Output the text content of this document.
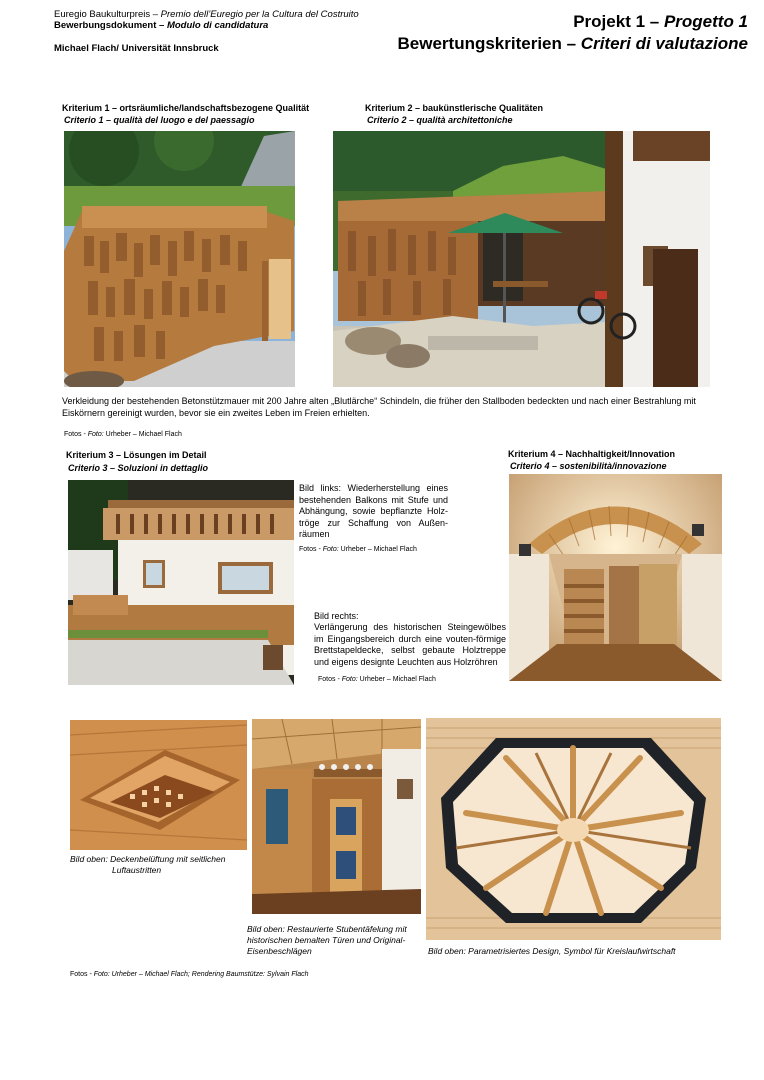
Euregio Baukulturpreis – Premio dell’Euregio per la Cultura del Costruito
Bewerbungsdokument – Modulo di candidatura
Michael Flach/ Universität Innsbruck
Projekt 1 – Progetto 1
Bewertungskriterien – Criteri di valutazione
Kriterium 1 – ortsräumliche/landschaftsbezogene Qualität
Criterio 1 – qualità del luogo e del paessagio
Kriterium 2 – baukünstlerische Qualitäten
Criterio 2 – qualità architettoniche
Verkleidung der bestehenden Betonstützmauer mit 200 Jahre alten „Blutlärche“ Schindeln, die früher den Stallboden bedeckten und nach einer Bestrahlung mit Eiskörnern gereinigt wurden, bevor sie ein zweites Leben im Freien erhielten.
Fotos - Foto: Urheber – Michael Flach
Kriterium 3 – Lösungen im Detail
Criterio 3 – Soluzioni in dettaglio
Kriterium 4 – Nachhaltigkeit/Innovation
Criterio 4 – sostenibilità/innovazione
Bild links: Wiederherstellung eines bestehenden Balkons mit Stufe und Abhängung, sowie bepflanzte Holz-tröge zur Schaffung von Außen-räumen
Fotos - Foto: Urheber – Michael Flach
Bild rechts:
Verlängerung des historischen Steingewölbes im Eingangsbereich durch eine vouten-förmige Brettstapeldecke, selbst gebaute Holztreppe und eigens designte Leuchten aus Holzröhren
Fotos - Foto: Urheber – Michael Flach
Bild oben: Deckenbelüftung mit seitlichen
Luftaustritten
Bild oben: Restaurierte Stubentäfelung mit historischen bemalten Türen und Original-Eisenbeschlägen	Bild oben: Parametrisiertes Design, Symbol für Kreislaufwirtschaft
Fotos - Foto: Urheber – Michael Flach; Rendering Baumstütze: Sylvain Flach
